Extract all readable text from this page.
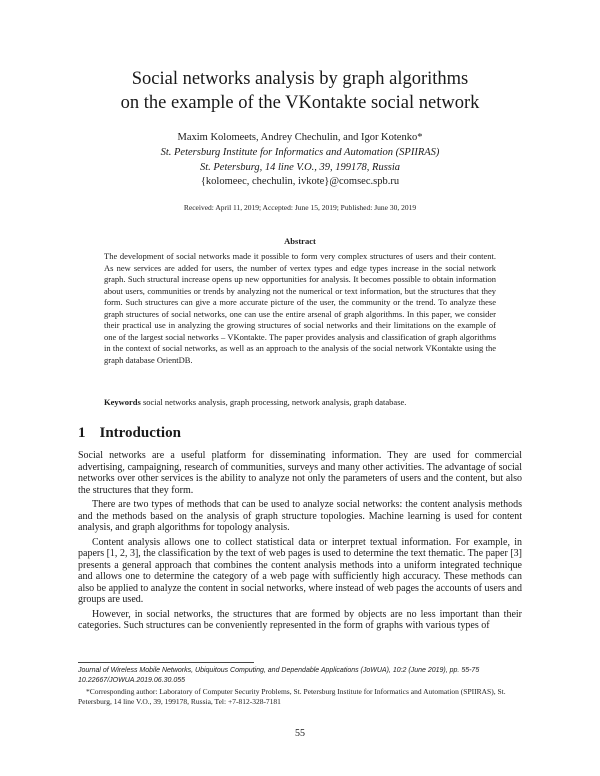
Social networks analysis by graph algorithms
on the example of the VKontakte social network
Maxim Kolomeets, Andrey Chechulin, and Igor Kotenko*
St. Petersburg Institute for Informatics and Automation (SPIIRAS)
St. Petersburg, 14 line V.O., 39, 199178, Russia
{kolomeec, chechulin, ivkote}@comsec.spb.ru
Received: April 11, 2019; Accepted: June 15, 2019; Published: June 30, 2019
Abstract
The development of social networks made it possible to form very complex structures of users and their content. As new services are added for users, the number of vertex types and edge types increase in the social network graph. Such structural increase opens up new opportunities for analysis. It becomes possible to obtain information about users, communities or trends by analyzing not the numerical or text information, but the structures that they form. Such structures can give a more accurate picture of the user, the community or the trend. To analyze these graph structures of social networks, one can use the entire arsenal of graph algorithms. In this paper, we consider their practical use in analyzing the growing structures of social networks and their limitations on the example of one of the largest social networks – VKontakte. The paper provides analysis and classification of graph algorithms in the context of social networks, as well as an approach to the analysis of the social network VKontakte using the graph database OrientDB.
Keywords social networks analysis, graph processing, network analysis, graph database.
1 Introduction

Social networks are a useful platform for disseminating information. They are used for commercial advertising, campaigning, research of communities, surveys and many other activities. The advantage of social networks over other services is the ability to analyze not only the parameters of users and the content, but also the structures that they form.

There are two types of methods that can be used to analyze social networks: the content analysis methods and the methods based on the analysis of graph structure topologies. Machine learning is used for content analysis, and graph algorithms for topology analysis.

Content analysis allows one to collect statistical data or interpret textual information. For example, in papers [1, 2, 3], the classification by the text of web pages is used to determine the text thematic. The paper [3] presents a general approach that combines the content analysis methods into a uniform integrated technique and allows one to determine the category of a web page with sufficiently high accuracy. These methods can also be applied to analyze the content in social networks, where instead of web pages the accounts of users and groups are used.

However, in social networks, the structures that are formed by objects are no less important than their categories. Such structures can be conveniently represented in the form of graphs with various types of

Journal of Wireless Mobile Networks, Ubiquitous Computing, and Dependable Applications (JoWUA), 10:2 (June 2019), pp. 55-75
10.22667/JOWUA.2019.06.30.055
*Corresponding author: Laboratory of Computer Security Problems, St. Petersburg Institute for Informatics and Automation (SPIIRAS), St. Petersburg, 14 line V.O., 39, 199178, Russia, Tel: +7-812-328-7181
55
